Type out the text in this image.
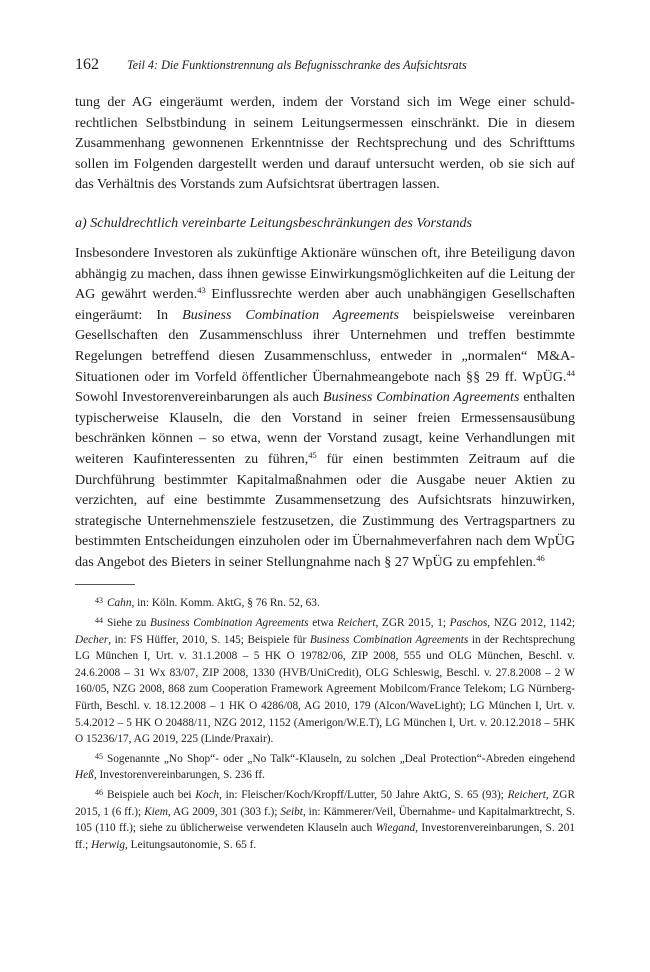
162	Teil 4: Die Funktionstrennung als Befugnisschranke des Aufsichtsrats

tung der AG eingeräumt werden, indem der Vorstand sich im Wege einer schuldrechtlichen Selbstbindung in seinem Leitungsermessen einschränkt. Die in diesem Zusammenhang gewonnenen Erkenntnisse der Rechtsprechung und des Schrifttums sollen im Folgenden dargestellt werden und darauf untersucht werden, ob sie sich auf das Verhältnis des Vorstands zum Aufsichtsrat übertragen lassen.

a) Schuldrechtlich vereinbarte Leitungsbeschränkungen des Vorstands

Insbesondere Investoren als zukünftige Aktionäre wünschen oft, ihre Beteiligung davon abhängig zu machen, dass ihnen gewisse Einwirkungsmöglichkeiten auf die Leitung der AG gewährt werden.$^{43}$ Einflussrechte werden aber auch unabhängigen Gesellschaften eingeräumt: In Business Combination Agreements beispielsweise vereinbaren Gesellschaften den Zusammenschluss ihrer Unternehmen und treffen bestimmte Regelungen betreffend diesen Zusammenschluss, entweder in „normalen“ M&A-Situationen oder im Vorfeld öffentlicher Übernahmeangebote nach §§ 29 ff. WpÜG.$^{44}$ Sowohl Investorenvereinbarungen als auch Business Combination Agreements enthalten typischerweise Klauseln, die den Vorstand in seiner freien Ermessensausübung beschränken können – so etwa, wenn der Vorstand zusagt, keine Verhandlungen mit weiteren Kaufinteressenten zu führen,$^{45}$ für einen bestimmten Zeitraum auf die Durchführung bestimmter Kapitalmaßnahmen oder die Ausgabe neuer Aktien zu verzichten, auf eine bestimmte Zusammensetzung des Aufsichtsrats hinzuwirken, strategische Unternehmensziele festzusetzen, die Zustimmung des Vertragspartners zu bestimmten Entscheidungen einzuholen oder im Übernahmeverfahren nach dem WpÜG das Angebot des Bieters in seiner Stellungnahme nach § 27 WpÜG zu empfehlen.$^{46}$

$^{43}$ Cahn, in: Köln. Komm. AktG, § 76 Rn. 52, 63.

$^{44}$ Siehe zu Business Combination Agreements etwa Reichert, ZGR 2015, 1; Paschos, NZG 2012, 1142; Decher, in: FS Hüffer, 2010, S. 145; Beispiele für Business Combination Agreements in der Rechtsprechung LG München I, Urt. v. 31.1.2008 – 5 HK O 19782/06, ZIP 2008, 555 und OLG München, Beschl. v. 24.6.2008 – 31 Wx 83/07, ZIP 2008, 1330 (HVB/UniCredit), OLG Schleswig, Beschl. v. 27.8.2008 – 2 W 160/05, NZG 2008, 868 zum Cooperation Framework Agreement Mobilcom/France Telekom; LG Nürnberg-Fürth, Beschl. v. 18.12.2008 – 1 HK O 4286/08, AG 2010, 179 (Alcon/WaveLight); LG München I, Urt. v. 5.4.2012 – 5 HK O 20488/11, NZG 2012, 1152 (Amerigon/W.E.T), LG München I, Urt. v. 20.12.2018 – 5HK O 15236/17, AG 2019, 225 (Linde/Praxair).

$^{45}$ Sogenannte „No Shop“- oder „No Talk“-Klauseln, zu solchen „Deal Protection“-Abreden eingehend Heß, Investorenvereinbarungen, S. 236 ff.

$^{46}$ Beispiele auch bei Koch, in: Fleischer/Koch/Kropff/Lutter, 50 Jahre AktG, S. 65 (93); Reichert, ZGR 2015, 1 (6 ff.); Kiem, AG 2009, 301 (303 f.); Seibt, in: Kämmerer/Veil, Übernahme- und Kapitalmarktrecht, S. 105 (110 ff.); siehe zu üblicherweise verwendeten Klauseln auch Wiegand, Investorenvereinbarungen, S. 201 ff.; Herwig, Leitungsautonomie, S. 65 f.
